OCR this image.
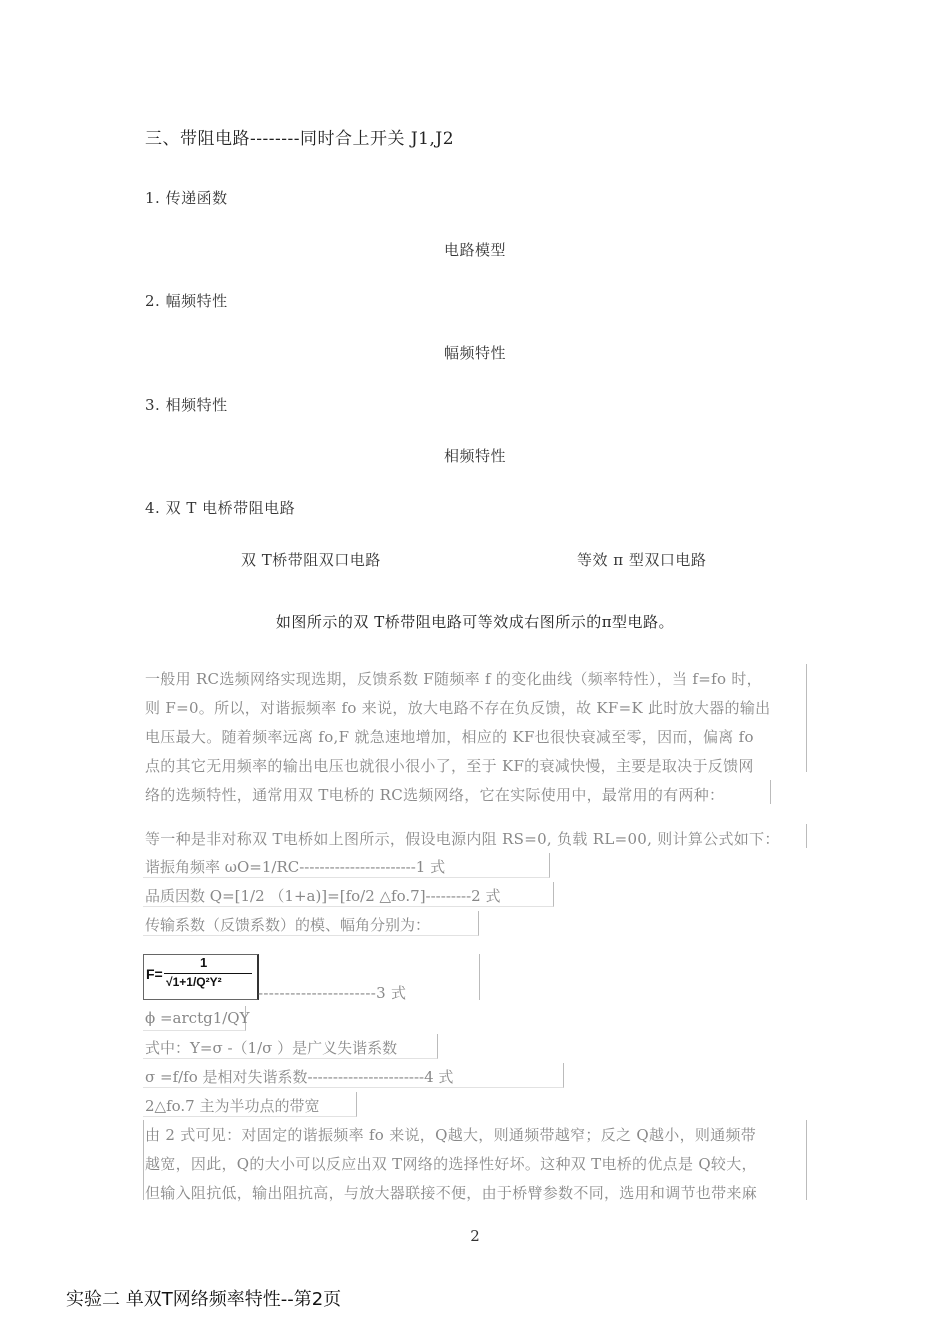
三、带阻电路--------同时合上开关 J1,J2
1. 传递函数
电路模型
2. 幅频特性
幅频特性
3. 相频特性
相频特性
4. 双 T 电桥带阻电路
双 T桥带阻双口电路	等效 π 型双口电路
如图所示的双 T桥带阻电路可等效成右图所示的π型电路。
一般用 RC选频网络实现选期，反馈系数 F随频率 f 的变化曲线（频率特性），当 f=fo 时，
则 F=0。所以，对谐振频率 fo 来说，放大电路不存在负反馈，故 KF=K 此时放大器的输出
电压最大。随着频率远离 fo,F 就急速地增加，相应的 KF也很快衰减至零，因而，偏离 fo
点的其它无用频率的输出电压也就很小很小了，至于 KF的衰减快慢，主要是取决于反馈网
络的选频特性，通常用双 T电桥的 RC选频网络，它在实际使用中，最常用的有两种：
等一种是非对称双 T电桥如上图所示，假设电源内阻 RS=0, 负载 RL=00, 则计算公式如下：
谐振角频率 ωO=1/RC-----------------------1 式
品质因数 Q=[1/2 （1+a)]=[fo/2 △fo.7]---------2 式
传输系数（反馈系数）的模、幅角分别为：
F=
1
√1+1/Q²Y²
----------------------3 式
ϕ =arctg1/QY
式中：Y=σ -（1/σ ）是广义失谐系数
σ =f/fo 是相对失谐系数-----------------------4 式
2△fo.7 主为半功点的带宽
由 2 式可见：对固定的谐振频率 fo 来说，Q越大，则通频带越窄；反之 Q越小，则通频带
越宽，因此，Q的大小可以反应出双 T网络的选择性好坏。这种双 T电桥的优点是 Q较大，
但输入阻抗低，输出阻抗高，与放大器联接不便，由于桥臂参数不同，选用和调节也带来麻
2
实验二 单双T网络频率特性--第2页
